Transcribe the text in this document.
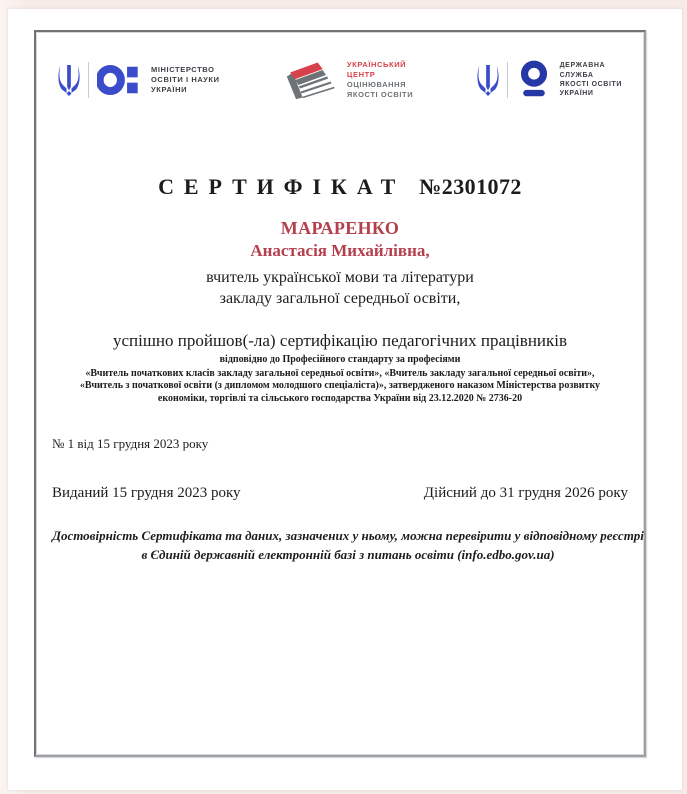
МІНІСТЕРСТВО
ОСВІТИ І НАУКИ
УКРАЇНИ
УКРАЇНСЬКИЙ
ЦЕНТР
ОЦІНЮВАННЯ
ЯКОСТІ ОСВІТИ
ДЕРЖАВНА
СЛУЖБА
ЯКОСТІ ОСВІТИ
УКРАЇНИ
СЕРТИФІКАТ №2301072
МАРАРЕНКО
Анастасія Михайлівна,
вчитель української мови та літератури
закладу загальної середньої освіти,
успішно пройшов(-ла) сертифікацію педагогічних працівників
відповідно до Професійного стандарту за професіями
«Вчитель початкових класів закладу загальної середньої освіти», «Вчитель закладу загальної середньої освіти», «Вчитель з початкової освіти (з дипломом молодшого спеціаліста)», затвердженого наказом Міністерства розвитку економіки, торгівлі та сільського господарства України від 23.12.2020 № 2736-20
№ 1 від 15 грудня 2023 року
Виданий 15 грудня 2023 року	Дійсний до 31 грудня 2026 року
Достовірність Сертифіката та даних, зазначених у ньому, можна перевірити у відповідному реєстрі в Єдиній державній електронній базі з питань освіти (info.edbo.gov.ua)
